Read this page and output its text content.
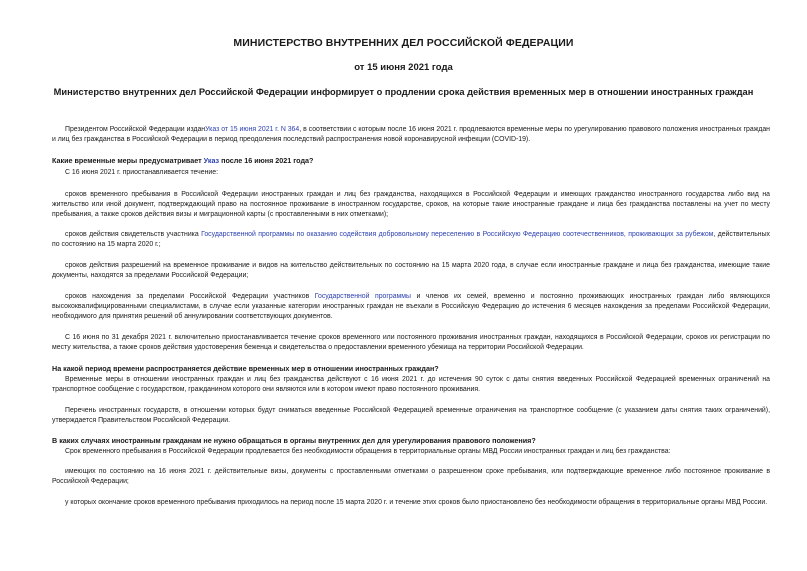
МИНИСТЕРСТВО ВНУТРЕННИХ ДЕЛ РОССИЙСКОЙ ФЕДЕРАЦИИ
от 15 июня 2021 года
Министерство внутренних дел Российской Федерации информирует о продлении срока действия временных мер в отношении иностранных граждан
Президентом Российской Федерации изданУказ от 15 июня 2021 г. N 364, в соответствии с которым после 16 июня 2021 г. продлеваются временные меры по урегулированию правового положения иностранных граждан и лиц без гражданства в Российской Федерации в период преодоления последствий распространения новой коронавирусной инфекции (COVID-19).
Какие временные меры предусматривает Указ после 16 июня 2021 года?
С 16 июня 2021 г. приостанавливается течение:
сроков временного пребывания в Российской Федерации иностранных граждан и лиц без гражданства, находящихся в Российской Федерации и имеющих гражданство иностранного государства либо вид на жительство или иной документ, подтверждающий право на постоянное проживание в иностранном государстве, сроков, на которые такие иностранные граждане и лица без гражданства поставлены на учет по месту пребывания, а также сроков действия визы и миграционной карты (с проставленными в них отметками);
сроков действия свидетельств участника Государственной программы по оказанию содействия добровольному переселению в Российскую Федерацию соотечественников, проживающих за рубежом, действительных по состоянию на 15 марта 2020 г.;
сроков действия разрешений на временное проживание и видов на жительство действительных по состоянию на 15 марта 2020 года, в случае если иностранные граждане и лица без гражданства, имеющие такие документы, находятся за пределами Российской Федерации;
сроков нахождения за пределами Российской Федерации участников Государственной программы и членов их семей, временно и постоянно проживающих иностранных граждан либо являющихся высококвалифицированными специалистами, в случае если указанные категории иностранных граждан не въехали в Российскую Федерацию до истечения 6 месяцев нахождения за пределами Российской Федерации, необходимого для принятия решений об аннулировании соответствующих документов.
С 16 июня по 31 декабря 2021 г. включительно приостанавливается течение сроков временного или постоянного проживания иностранных граждан, находящихся в Российской Федерации, сроков их регистрации по месту жительства, а также сроков действия удостоверения беженца и свидетельства о предоставлении временного убежища на территории Российской Федерации.
На какой период времени распространяется действие временных мер в отношении иностранных граждан?
Временные меры в отношении иностранных граждан и лиц без гражданства действуют с 16 июня 2021 г. до истечения 90 суток с даты снятия введенных Российской Федерацией временных ограничений на транспортное сообщение с государством, гражданином которого они являются или в котором имеют право постоянного проживания.
Перечень иностранных государств, в отношении которых будут сниматься введенные Российской Федерацией временные ограничения на транспортное сообщение (с указанием даты снятия таких ограничений), утверждается Правительством Российской Федерации.
В каких случаях иностранным гражданам не нужно обращаться в органы внутренних дел для урегулирования правового положения?
Срок временного пребывания в Российской Федерации продлевается без необходимости обращения в территориальные органы МВД России иностранных граждан и лиц без гражданства:
имеющих по состоянию на 16 июня 2021 г. действительные визы, документы с проставленными отметками о разрешенном сроке пребывания, или подтверждающие временное либо постоянное проживание в Российской Федерации;
у которых окончание сроков временного пребывания приходилось на период после 15 марта 2020 г. и течение этих сроков было приостановлено без необходимости обращения в территориальные органы МВД России.
